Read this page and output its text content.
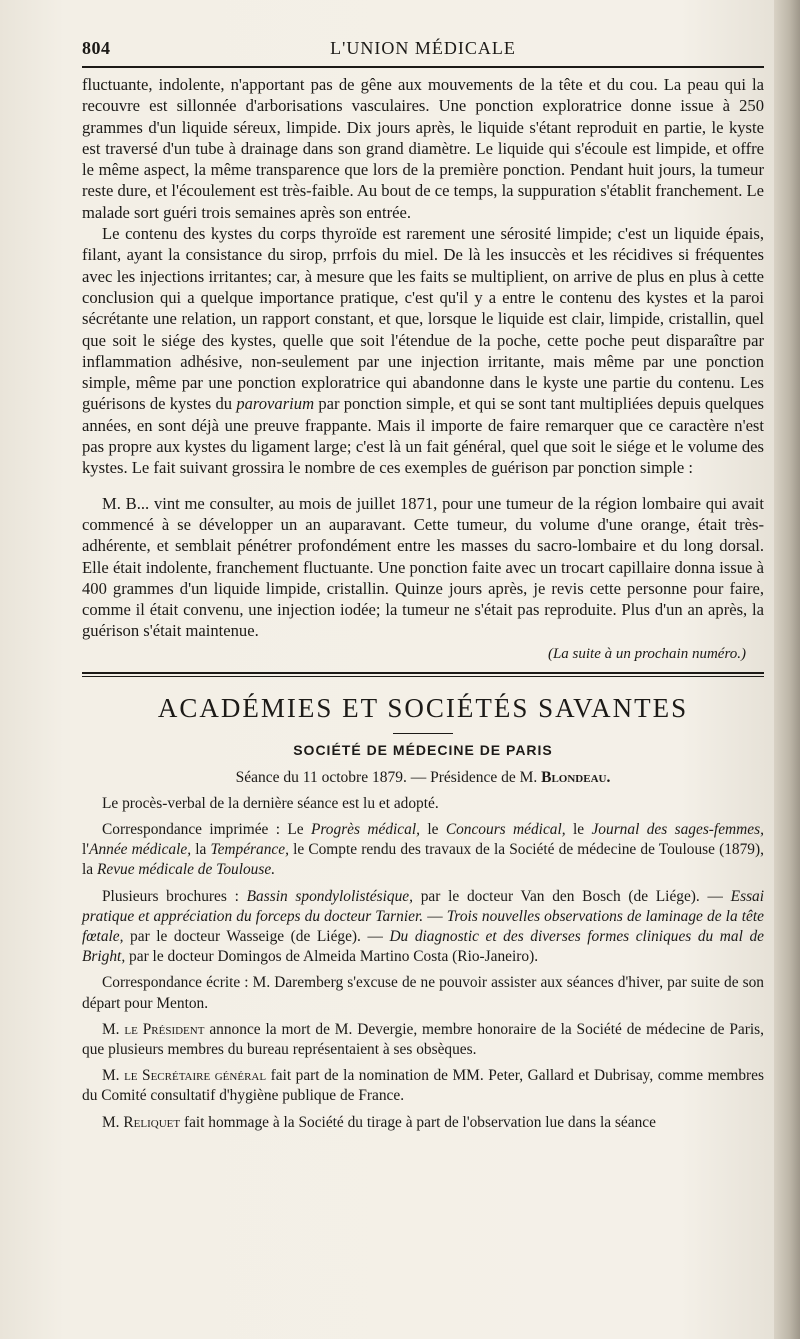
804	L'UNION MÉDICALE

fluctuante, indolente, n'apportant pas de gêne aux mouvements de la tête et du cou. La peau qui la recouvre est sillonnée d'arborisations vasculaires. Une ponction exploratrice donne issue à 250 grammes d'un liquide séreux, limpide. Dix jours après, le liquide s'étant reproduit en partie, le kyste est traversé d'un tube à drainage dans son grand diamètre. Le liquide qui s'écoule est limpide, et offre le même aspect, la même transparence que lors de la première ponction. Pendant huit jours, la tumeur reste dure, et l'écoulement est très-faible. Au bout de ce temps, la suppuration s'établit franchement. Le malade sort guéri trois semaines après son entrée.

Le contenu des kystes du corps thyroïde est rarement une sérosité limpide; c'est un liquide épais, filant, ayant la consistance du sirop, prrfois du miel. De là les insuccès et les récidives si fréquentes avec les injections irritantes; car, à mesure que les faits se multiplient, on arrive de plus en plus à cette conclusion qui a quelque importance pratique, c'est qu'il y a entre le contenu des kystes et la paroi sécrétante une relation, un rapport constant, et que, lorsque le liquide est clair, limpide, cristallin, quel que soit le siége des kystes, quelle que soit l'étendue de la poche, cette poche peut disparaître par inflammation adhésive, non-seulement par une injection irritante, mais même par une ponction simple, même par une ponction exploratrice qui abandonne dans le kyste une partie du contenu. Les guérisons de kystes du parovarium par ponction simple, et qui se sont tant multipliées depuis quelques années, en sont déjà une preuve frappante. Mais il importe de faire remarquer que ce caractère n'est pas propre aux kystes du ligament large; c'est là un fait général, quel que soit le siége et le volume des kystes. Le fait suivant grossira le nombre de ces exemples de guérison par ponction simple :

M. B... vint me consulter, au mois de juillet 1871, pour une tumeur de la région lombaire qui avait commencé à se développer un an auparavant. Cette tumeur, du volume d'une orange, était très-adhérente, et semblait pénétrer profondément entre les masses du sacro-lombaire et du long dorsal. Elle était indolente, franchement fluctuante. Une ponction faite avec un trocart capillaire donna issue à 400 grammes d'un liquide limpide, cristallin. Quinze jours après, je revis cette personne pour faire, comme il était convenu, une injection iodée; la tumeur ne s'était pas reproduite. Plus d'un an après, la guérison s'était maintenue.

(La suite à un prochain numéro.)
ACADÉMIES ET SOCIÉTÉS SAVANTES
SOCIÉTÉ DE MÉDECINE DE PARIS
Séance du 11 octobre 1879. — Présidence de M. Blondeau.

Le procès-verbal de la dernière séance est lu et adopté.

Correspondance imprimée : Le Progrès médical, le Concours médical, le Journal des sages-femmes, l'Année médicale, la Tempérance, le Compte rendu des travaux de la Société de médecine de Toulouse (1879), la Revue médicale de Toulouse.

Plusieurs brochures : Bassin spondylolistésique, par le docteur Van den Bosch (de Liége). — Essai pratique et appréciation du forceps du docteur Tarnier. — Trois nouvelles observations de laminage de la tête fœtale, par le docteur Wasseige (de Liége). — Du diagnostic et des diverses formes cliniques du mal de Bright, par le docteur Domingos de Almeida Martino Costa (Rio-Janeiro).

Correspondance écrite : M. Daremberg s'excuse de ne pouvoir assister aux séances d'hiver, par suite de son départ pour Menton.

M. le Président annonce la mort de M. Devergie, membre honoraire de la Société de médecine de Paris, que plusieurs membres du bureau représentaient à ses obsèques.

M. le Secrétaire général fait part de la nomination de MM. Peter, Gallard et Dubrisay, comme membres du Comité consultatif d'hygiène publique de France.

M. Reliquet fait hommage à la Société du tirage à part de l'observation lue dans la séance
